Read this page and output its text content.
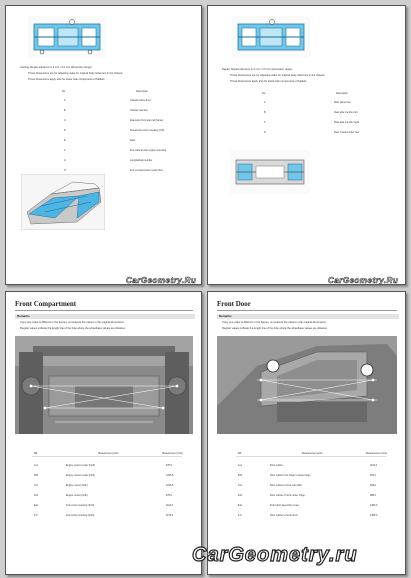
• Jointing: Repair tolerance is 4 mm / 2.5 mm (dimension range)
• Those dimensions are for adjusting value for original body reference in the chassis
• Those dimensions apply also for sheet side components of Models
No.	Description
A	Chassis frame front
B	Chassis member
C	Extension front side rail (frame)
D	Suspension strut mounting (L/R)
E	Rear
F	Front lateral side engine mounting
G	Longitudinal member
H	Front crossmember under floor
CarGeometry.Ru
• Repair: Repair tolerance is 4 mm / 2.5 mm (dimension range)
• Those dimensions are for adjusting value for original body reference in the chassis
• Those dimensions apply also for sheet side components of Models
No.	Description
A	Rear panel rear
B	Rear side member left
C	Rear side member right
D	Rear crossmember rear
CarGeometry.Ru
Front Compartment
Remarks
• If any one value is different in the figures, re-measure the values in the original dimensions.
• Regular values indicate the length line of the hole where the wheelbase values are distance.
Mfr.	Measurement point	Measurement (mm)
A-A	Engine mount center (both)	975.0
B-B	Engine mount center (both)	1265.5
C-C	Engine mount (both)	1043.5
D-D	Engine mount (both)	975.0
E-E	Front strut mounting (both)	1118.0
F-F	Front strut mounting (both)	1179.0
Front Door
Remarks
• If any one value is different in the figures, re-measure the values in the original dimensions.
• Regular values indicate the length line of the hole where the wheelbase values are distance.
Mfr.	Measurement point	Measurement (mm)
A-A	Door outline	1162.0
B-B	Door outline front hinge to lower hinge	951.0
C-C	Door outline to front rear pillar	843.0
D-D	Door outline of front center hinge	988.0
E-E	Front door assembly center	1083.0
F-F	Door outline to front mirror	1285.0
CarGeometry.ru
